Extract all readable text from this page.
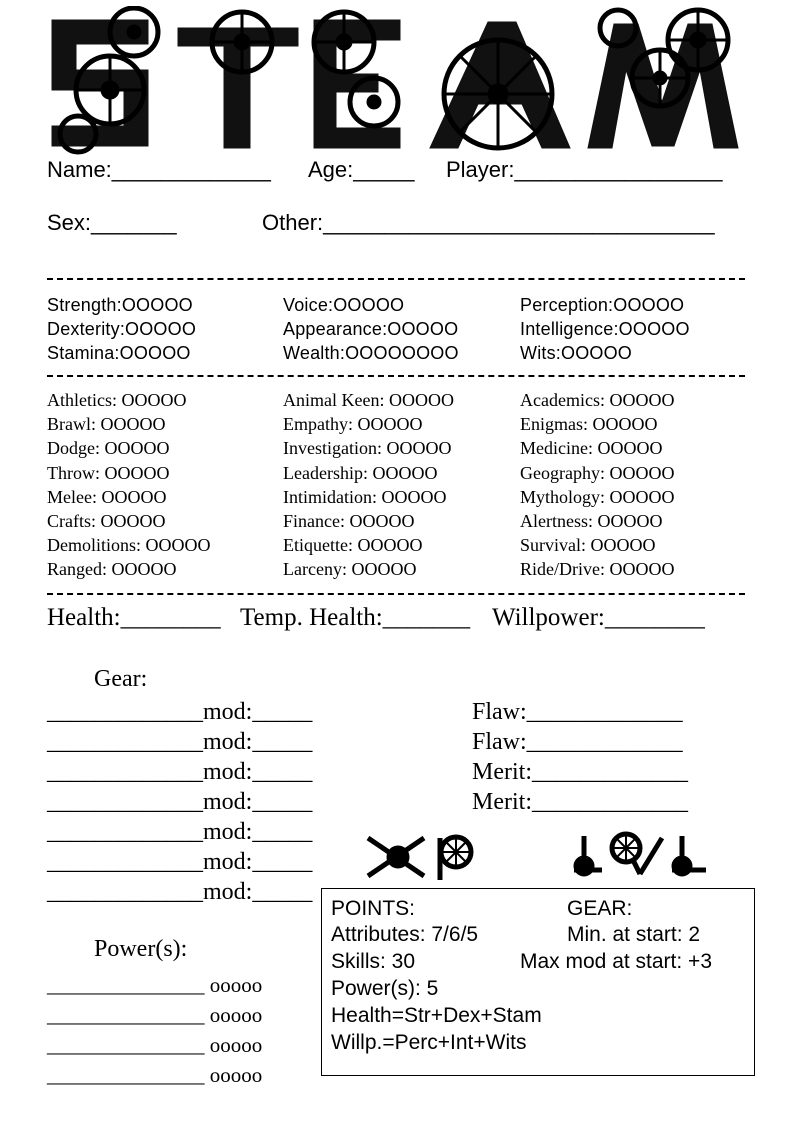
Name:_____________ Age:_____ Player:_________________
Sex:_______	Other:________________________________
Strength:OOOOO
Dexterity:OOOOO
Stamina:OOOOO
Voice:OOOOO
Appearance:OOOOO
Wealth:OOOOOOOO
Perception:OOOOO
Intelligence:OOOOO
Wits:OOOOO
Athletics: OOOOO
Brawl: OOOOO
Dodge: OOOOO
Throw: OOOOO
Melee: OOOOO
Crafts: OOOOO
Demolitions: OOOOO
Ranged: OOOOO
Animal Keen: OOOOO
Empathy: OOOOO
Investigation: OOOOO
Leadership: OOOOO
Intimidation: OOOOO
Finance: OOOOO
Etiquette: OOOOO
Larceny: OOOOO
Academics: OOOOO
Enigmas: OOOOO
Medicine: OOOOO
Geography: OOOOO
Mythology: OOOOO
Alertness: OOOOO
Survival: OOOOO
Ride/Drive: OOOOO
Health:________ Temp. Health:_______ Willpower:________
Gear:
_____________mod:_____
_____________mod:_____
_____________mod:_____
_____________mod:_____
_____________mod:_____
_____________mod:_____
_____________mod:_____
Flaw:_____________
Flaw:_____________
Merit:_____________
Merit:_____________
POINTS:
Attributes: 7/6/5
Skills: 30
Power(s): 5
Health=Str+Dex+Stam
Willp.=Perc+Int+Wits
GEAR:
Min. at start: 2
Max mod at start: +3
Power(s):
_______________ ooooo
_______________ ooooo
_______________ ooooo
_______________ ooooo
